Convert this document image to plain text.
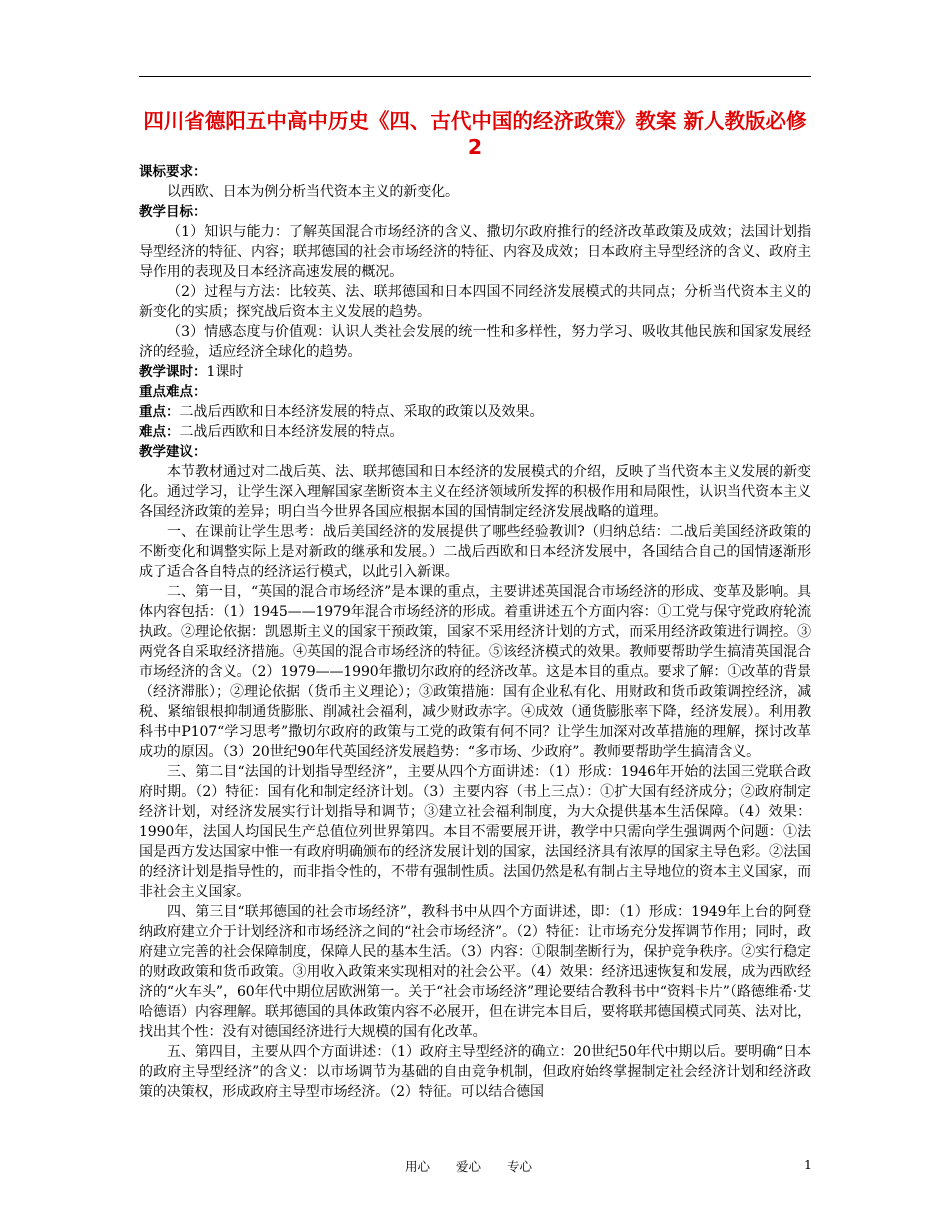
四川省德阳五中高中历史《四、古代中国的经济政策》教案 新人教版必修2

课标要求：

以西欧、日本为例分析当代资本主义的新变化。

教学目标：

（1）知识与能力：了解英国混合市场经济的含义、撒切尔政府推行的经济改革政策及成效；法国计划指导型经济的特征、内容；联邦德国的社会市场经济的特征、内容及成效；日本政府主导型经济的含义、政府主导作用的表现及日本经济高速发展的概况。

（2）过程与方法：比较英、法、联邦德国和日本四国不同经济发展模式的共同点；分析当代资本主义的新变化的实质；探究战后资本主义发展的趋势。

（3）情感态度与价值观：认识人类社会发展的统一性和多样性，努力学习、吸收其他民族和国家发展经济的经验，适应经济全球化的趋势。

教学课时：1课时

重点难点：

重点：二战后西欧和日本经济发展的特点、采取的政策以及效果。

难点：二战后西欧和日本经济发展的特点。

教学建议：

本节教材通过对二战后英、法、联邦德国和日本经济的发展模式的介绍，反映了当代资本主义发展的新变化。通过学习，让学生深入理解国家垄断资本主义在经济领域所发挥的积极作用和局限性，认识当代资本主义各国经济政策的差异；明白当今世界各国应根据本国的国情制定经济发展战略的道理。

一、在课前让学生思考：战后美国经济的发展提供了哪些经验教训?（归纳总结：二战后美国经济政策的不断变化和调整实际上是对新政的继承和发展。）二战后西欧和日本经济发展中，各国结合自己的国情逐渐形成了适合各自特点的经济运行模式，以此引入新课。

二、第一目，“英国的混合市场经济”是本课的重点，主要讲述英国混合市场经济的形成、变革及影响。具体内容包括：（1）1945——1979年混合市场经济的形成。着重讲述五个方面内容：①工党与保守党政府轮流执政。②理论依据：凯恩斯主义的国家干预政策，国家不采用经济计划的方式，而采用经济政策进行调控。③两党各自采取经济措施。④英国的混合市场经济的特征。⑤该经济模式的效果。教师要帮助学生搞清英国混合市场经济的含义。（2）1979——1990年撒切尔政府的经济改革。这是本目的重点。要求了解：①改革的背景（经济滞胀）；②理论依据（货币主义理论）；③政策措施：国有企业私有化、用财政和货币政策调控经济，减税、紧缩银根抑制通货膨胀、削减社会福利，减少财政赤字。④成效（通货膨胀率下降，经济发展）。利用教科书中P107“学习思考”撒切尔政府的政策与工党的政策有何不同？让学生加深对改革措施的理解，探讨改革成功的原因。（3）20世纪90年代英国经济发展趋势：“多市场、少政府”。教师要帮助学生搞清含义。

三、第二目“法国的计划指导型经济”，主要从四个方面讲述：（1）形成：1946年开始的法国三党联合政府时期。（2）特征：国有化和制定经济计划。（3）主要内容（书上三点）：①扩大国有经济成分；②政府制定经济计划，对经济发展实行计划指导和调节；③建立社会福利制度，为大众提供基本生活保障。（4）效果：1990年，法国人均国民生产总值位列世界第四。本目不需要展开讲，教学中只需向学生强调两个问题：①法国是西方发达国家中惟一有政府明确颁布的经济发展计划的国家，法国经济具有浓厚的国家主导色彩。②法国的经济计划是指导性的，而非指令性的，不带有强制性质。法国仍然是私有制占主导地位的资本主义国家，而非社会主义国家。

四、第三目“联邦德国的社会市场经济”，教科书中从四个方面讲述，即：（1）形成：1949年上台的阿登纳政府建立介于计划经济和市场经济之间的“社会市场经济”。（2）特征：让市场充分发挥调节作用；同时，政府建立完善的社会保障制度，保障人民的基本生活。（3）内容：①限制垄断行为，保护竞争秩序。②实行稳定的财政政策和货币政策。③用收入政策来实现相对的社会公平。（4）效果：经济迅速恢复和发展，成为西欧经济的“火车头”，60年代中期位居欧洲第一。关于“社会市场经济”理论要结合教科书中“资料卡片”（路德维希·艾哈德语）内容理解。联邦德国的具体政策内容不必展开，但在讲完本目后，要将联邦德国模式同英、法对比，找出其个性：没有对德国经济进行大规模的国有化改革。

五、第四目，主要从四个方面讲述：（1）政府主导型经济的确立：20世纪50年代中期以后。要明确“日本的政府主导型经济”的含义：以市场调节为基础的自由竞争机制，但政府始终掌握制定社会经济计划和经济政策的决策权，形成政府主导型市场经济。（2）特征。可以结合德国

用心 爱心 专心	1
